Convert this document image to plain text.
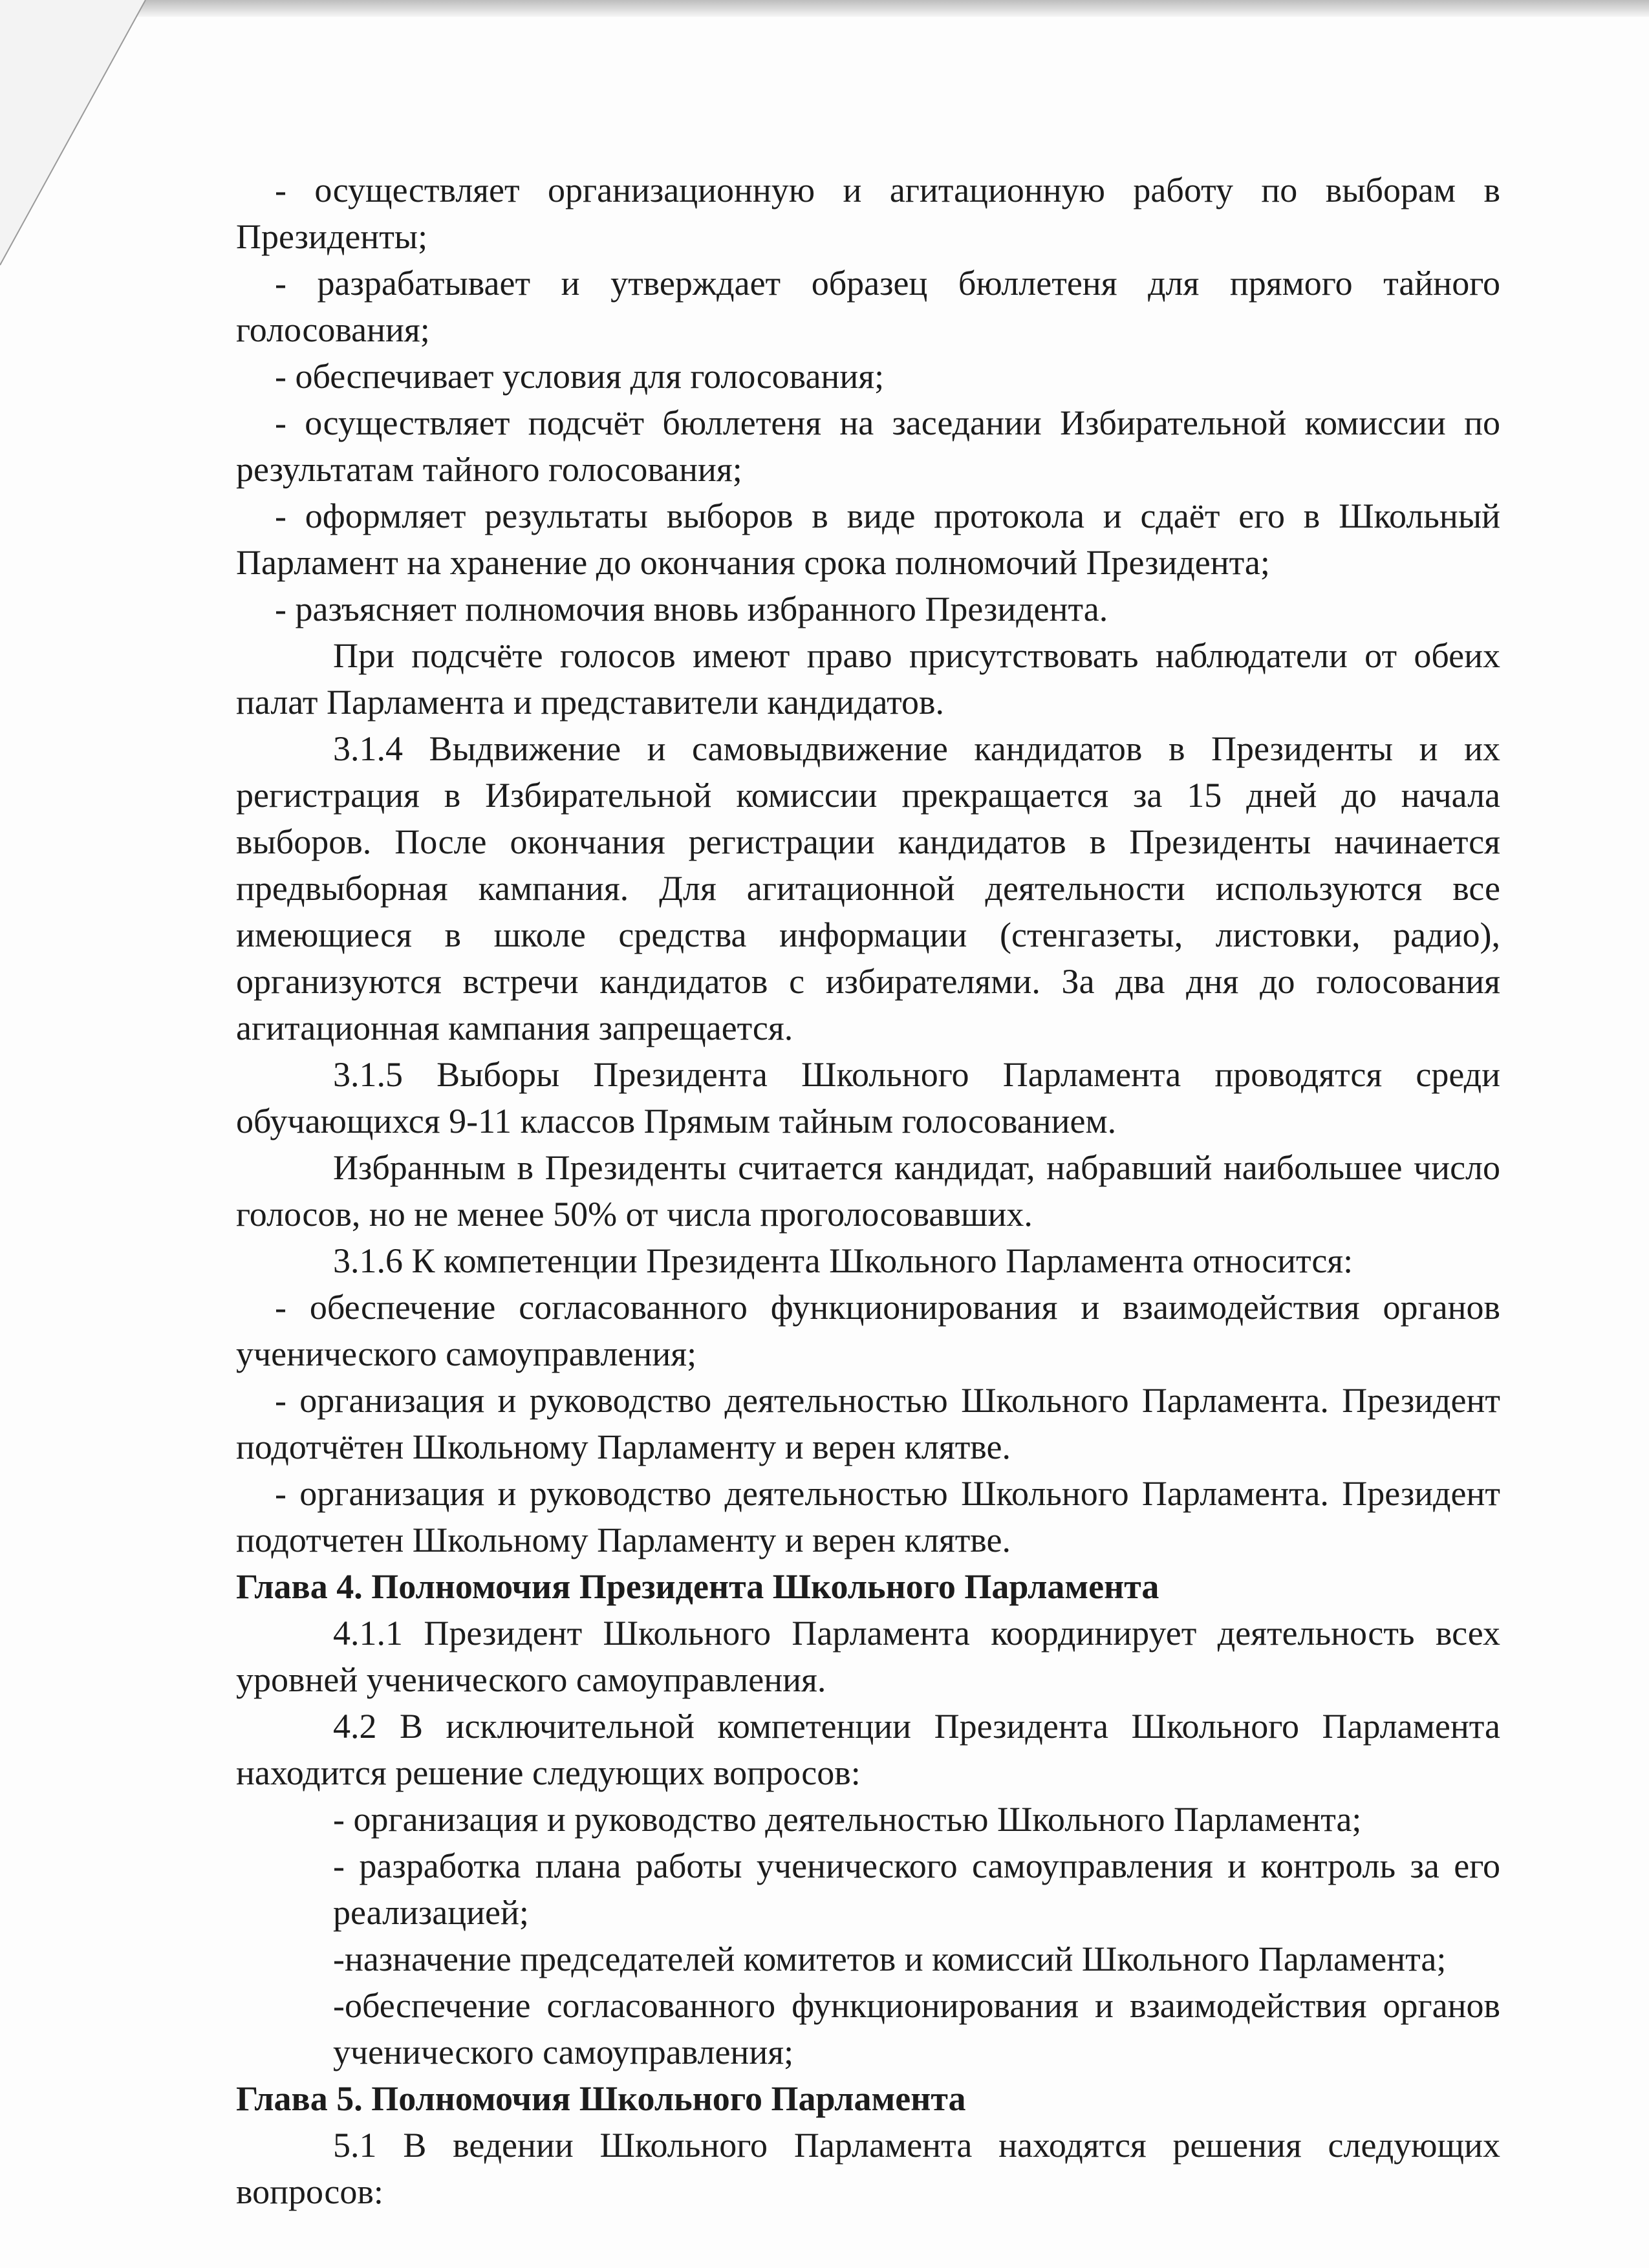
- осуществляет организационную и агитационную работу по выборам в Президенты;

- разрабатывает и утверждает образец бюллетеня для прямого тайного голосования;

- обеспечивает условия для голосования;

- осуществляет подсчёт бюллетеня на заседании Избирательной комиссии по результатам тайного голосования;

- оформляет результаты выборов в виде протокола и сдаёт его в Школьный Парламент на хранение до окончания срока полномочий Президента;

- разъясняет полномочия вновь избранного Президента.

При подсчёте голосов имеют право присутствовать наблюдатели от обеих палат Парламента и представители кандидатов.

3.1.4 Выдвижение и самовыдвижение кандидатов в Президенты и их регистрация в Избирательной комиссии прекращается за 15 дней до начала выборов. После окончания регистрации кандидатов в Президенты начинается предвыборная кампания. Для агитационной деятельности используются все имеющиеся в школе средства информации (стенгазеты, листовки, радио), организуются встречи кандидатов с избирателями. За два дня до голосования агитационная кампания запрещается.

3.1.5 Выборы Президента Школьного Парламента проводятся среди обучающихся 9-11 классов Прямым тайным голосованием.

Избранным в Президенты считается кандидат, набравший наибольшее число голосов, но не менее 50% от числа проголосовавших.

3.1.6 К компетенции Президента Школьного Парламента относится:

- обеспечение согласованного функционирования и взаимодействия органов ученического самоуправления;

- организация и руководство деятельностью Школьного Парламента. Президент подотчётен Школьному Парламенту и верен клятве.

- организация и руководство деятельностью Школьного Парламента. Президент подотчетен Школьному Парламенту и верен клятве.

Глава 4. Полномочия Президента Школьного Парламента

4.1.1 Президент Школьного Парламента координирует деятельность всех уровней ученического самоуправления.

4.2 В исключительной компетенции Президента Школьного Парламента находится решение следующих вопросов:

- организация и руководство деятельностью Школьного Парламента;

- разработка плана работы ученического самоуправления и контроль за его реализацией;

-назначение председателей комитетов и комиссий Школьного Парламента;

-обеспечение согласованного функционирования и взаимодействия органов ученического самоуправления;

Глава 5. Полномочия Школьного Парламента

5.1 В ведении Школьного Парламента находятся решения следующих вопросов:
